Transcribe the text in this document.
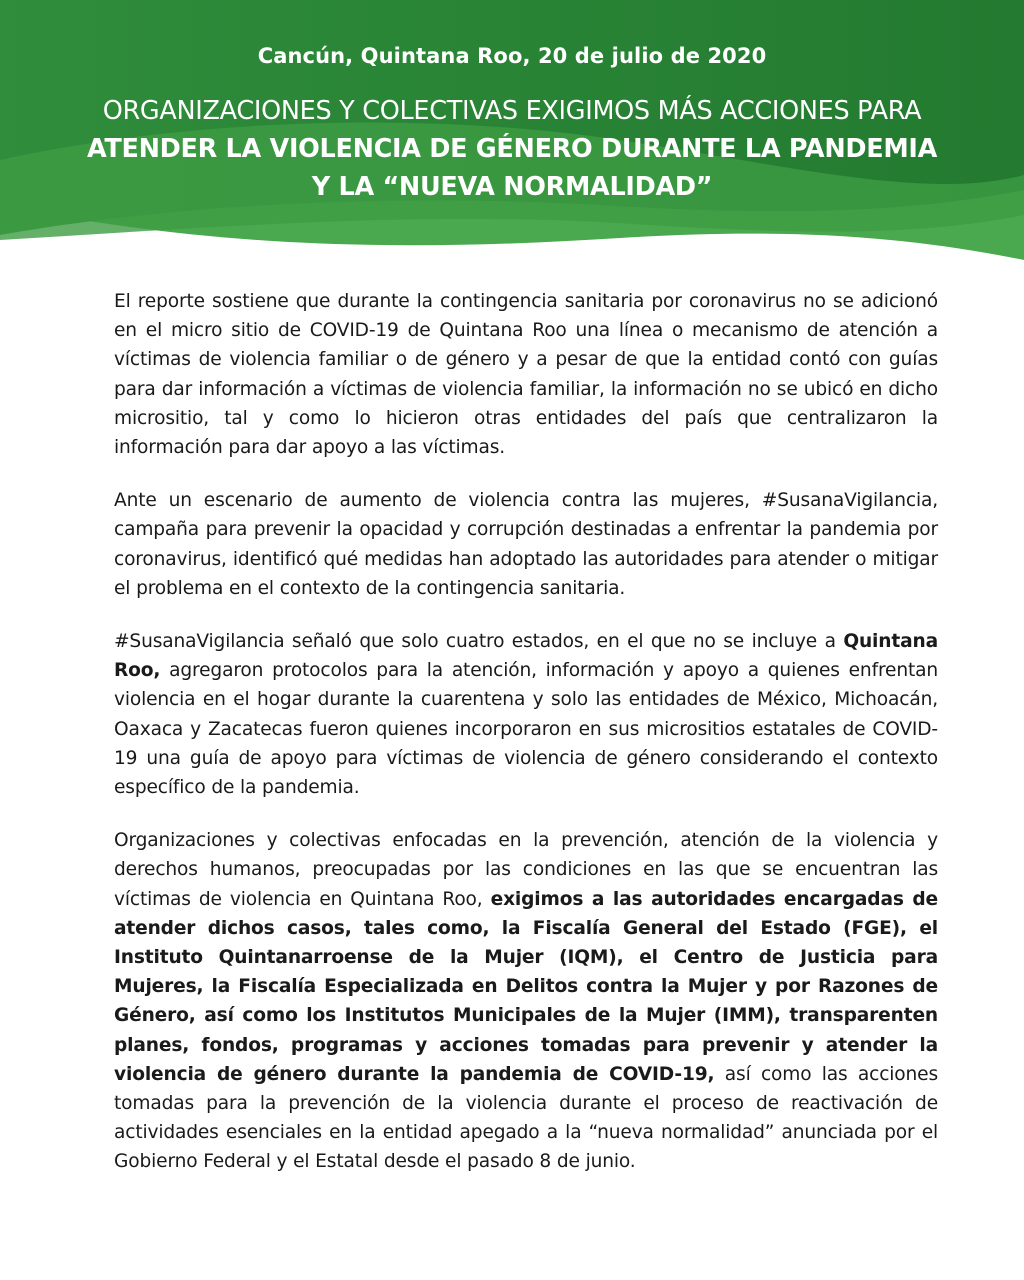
Cancún, Quintana Roo, 20 de julio de 2020
ORGANIZACIONES Y COLECTIVAS EXIGIMOS MÁS ACCIONES PARA
ATENDER LA VIOLENCIA DE GÉNERO DURANTE LA PANDEMIA
Y LA “NUEVA NORMALIDAD”

El reporte sostiene que durante la contingencia sanitaria por coronavirus no se adicionó en el micro sitio de COVID-19 de Quintana Roo una línea o mecanismo de atención a víctimas de violencia familiar o de género y a pesar de que la entidad contó con guías para dar información a víctimas de violencia familiar, la información no se ubicó en dicho micrositio, tal y como lo hicieron otras entidades del país que centralizaron la información para dar apoyo a las víctimas.

Ante un escenario de aumento de violencia contra las mujeres, #SusanaVigilancia, campaña para prevenir la opacidad y corrupción destinadas a enfrentar la pandemia por coronavirus, identificó qué medidas han adoptado las autoridades para atender o mitigar el problema en el contexto de la contingencia sanitaria.

#SusanaVigilancia señaló que solo cuatro estados, en el que no se incluye a Quintana Roo, agregaron protocolos para la atención, información y apoyo a quienes enfrentan violencia en el hogar durante la cuarentena y solo las entidades de México, Michoacán, Oaxaca y Zacatecas fueron quienes incorporaron en sus micrositios estatales de COVID-19 una guía de apoyo para víctimas de violencia de género considerando el contexto específico de la pandemia.

Organizaciones y colectivas enfocadas en la prevención, atención de la violencia y derechos humanos, preocupadas por las condiciones en las que se encuentran las víctimas de violencia en Quintana Roo, exigimos a las autoridades encargadas de atender dichos casos, tales como, la Fiscalía General del Estado (FGE), el Instituto Quintanarroense de la Mujer (IQM), el Centro de Justicia para Mujeres, la Fiscalía Especializada en Delitos contra la Mujer y por Razones de Género, así como los Institutos Municipales de la Mujer (IMM), transparenten planes, fondos, programas y acciones tomadas para prevenir y atender la violencia de género durante la pandemia de COVID-19, así como las acciones tomadas para la prevención de la violencia durante el proceso de reactivación de actividades esenciales en la entidad apegado a la “nueva normalidad” anunciada por el Gobierno Federal y el Estatal desde el pasado 8 de junio.
